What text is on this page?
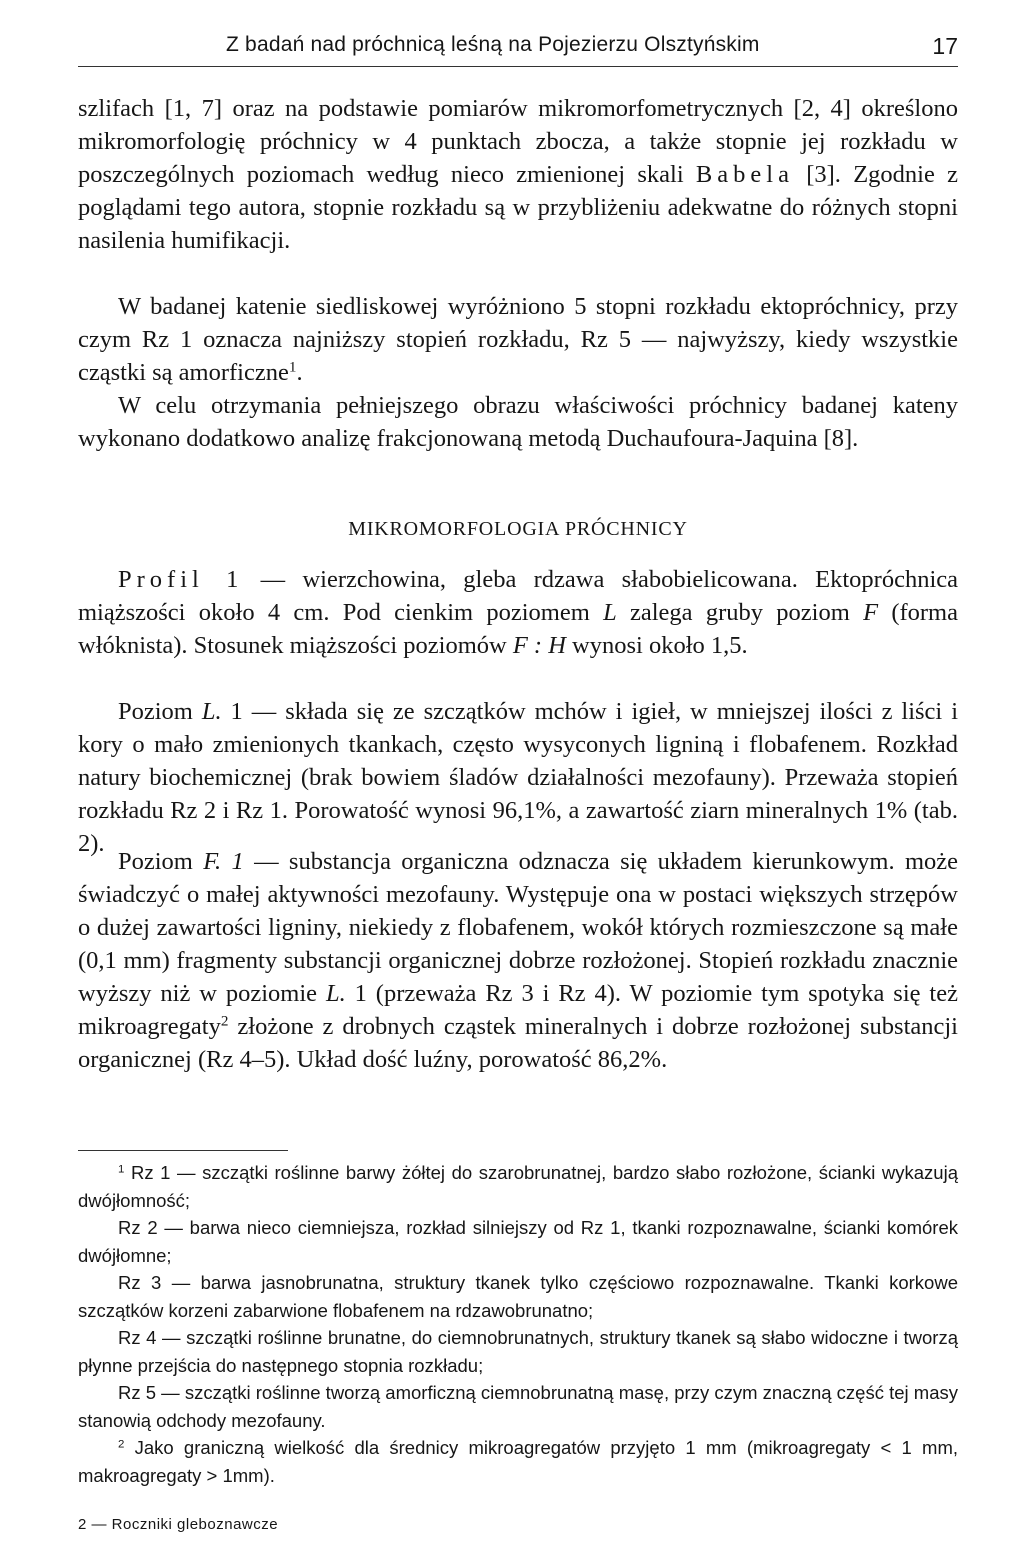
Z badań nad próchnicą leśną na Pojezierzu Olsztyńskim	17

szlifach [1, 7] oraz na podstawie pomiarów mikromorfometrycznych [2, 4] określono mikromorfologię próchnicy w 4 punktach zbocza, a także stopnie jej rozkładu w poszczególnych poziomach według nieco zmienionej skali Babela [3]. Zgodnie z poglądami tego autora, stopnie rozkładu są w przybliżeniu adekwatne do różnych stopni nasilenia humifikacji.

W badanej katenie siedliskowej wyróżniono 5 stopni rozkładu ektopróchnicy, przy czym Rz 1 oznacza najniższy stopień rozkładu, Rz 5 — najwyższy, kiedy wszystkie cząstki są amorficzne$^1$.

W celu otrzymania pełniejszego obrazu właściwości próchnicy badanej kateny wykonano dodatkowo analizę frakcjonowaną metodą Duchaufoura-Jaquina [8].

MIKROMORFOLOGIA PRÓCHNICY

Profil 1 — wierzchowina, gleba rdzawa słabobielicowana. Ektopróchnica miąższości około 4 cm. Pod cienkim poziomem L zalega gruby poziom F (forma włóknista). Stosunek miąższości poziomów F : H wynosi około 1,5.

Poziom L. 1 — składa się ze szczątków mchów i igieł, w mniejszej ilości z liści i kory o mało zmienionych tkankach, często wysyconych ligniną i flobafenem. Rozkład natury biochemicznej (brak bowiem śladów działalności mezofauny). Przeważa stopień rozkładu Rz 2 i Rz 1. Porowatość wynosi 96,1%, a zawartość ziarn mineralnych 1% (tab. 2).

Poziom F. 1 — substancja organiczna odznacza się układem kierunkowym. może świadczyć o małej aktywności mezofauny. Występuje ona w postaci większych strzępów o dużej zawartości ligniny, niekiedy z flobafenem, wokół których rozmieszczone są małe (0,1 mm) fragmenty substancji organicznej dobrze rozłożonej. Stopień rozkładu znacznie wyższy niż w poziomie L. 1 (przeważa Rz 3 i Rz 4). W poziomie tym spotyka się też mikroagregaty$^2$ złożone z drobnych cząstek mineralnych i dobrze rozłożonej substancji organicznej (Rz 4–5). Układ dość luźny, porowatość 86,2%.

$^1$ Rz 1 — szczątki roślinne barwy żółtej do szarobrunatnej, bardzo słabo rozłożone, ścianki wykazują dwójłomność;

Rz 2 — barwa nieco ciemniejsza, rozkład silniejszy od Rz 1, tkanki rozpoznawalne, ścianki komórek dwójłomne;

Rz 3 — barwa jasnobrunatna, struktury tkanek tylko częściowo rozpoznawalne. Tkanki korkowe szczątków korzeni zabarwione flobafenem na rdzawobrunatno;

Rz 4 — szczątki roślinne brunatne, do ciemnobrunatnych, struktury tkanek są słabo widoczne i tworzą płynne przejścia do następnego stopnia rozkładu;

Rz 5 — szczątki roślinne tworzą amorficzną ciemnobrunatną masę, przy czym znaczną część tej masy stanowią odchody mezofauny.

$^2$ Jako graniczną wielkość dla średnicy mikroagregatów przyjęto 1 mm (mikroagregaty < 1 mm, makroagregaty > 1mm).

2 — Roczniki gleboznawcze
